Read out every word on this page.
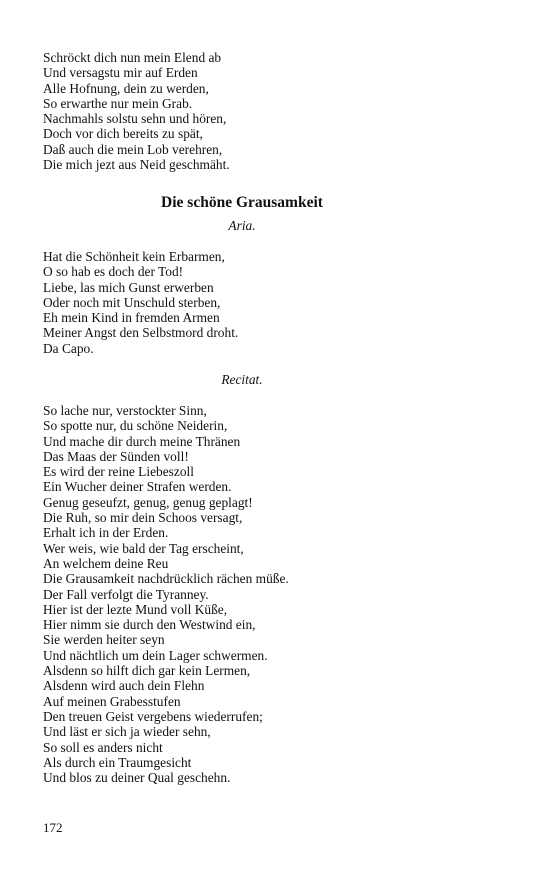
Schröckt dich nun mein Elend ab
Und versagstu mir auf Erden
Alle Hofnung, dein zu werden,
So erwarthe nur mein Grab.
Nachmahls solstu sehn und hören,
Doch vor dich bereits zu spät,
Daß auch die mein Lob verehren,
Die mich jezt aus Neid geschmäht.
Die schöne Grausamkeit
Aria.
Hat die Schönheit kein Erbarmen,
O so hab es doch der Tod!
Liebe, las mich Gunst erwerben
Oder noch mit Unschuld sterben,
Eh mein Kind in fremden Armen
Meiner Angst den Selbstmord droht.
Da Capo.
Recitat.
So lache nur, verstockter Sinn,
So spotte nur, du schöne Neiderin,
Und mache dir durch meine Thränen
Das Maas der Sünden voll!
Es wird der reine Liebeszoll
Ein Wucher deiner Strafen werden.
Genug geseufzt, genug, genug geplagt!
Die Ruh, so mir dein Schoos versagt,
Erhalt ich in der Erden.
Wer weis, wie bald der Tag erscheint,
An welchem deine Reu
Die Grausamkeit nachdrücklich rächen müße.
Der Fall verfolgt die Tyranney.
Hier ist der lezte Mund voll Küße,
Hier nimm sie durch den Westwind ein,
Sie werden heiter seyn
Und nächtlich um dein Lager schwermen.
Alsdenn so hilft dich gar kein Lermen,
Alsdenn wird auch dein Flehn
Auf meinen Grabesstufen
Den treuen Geist vergebens wiederrufen;
Und läst er sich ja wieder sehn,
So soll es anders nicht
Als durch ein Traumgesicht
Und blos zu deiner Qual geschehn.
172
